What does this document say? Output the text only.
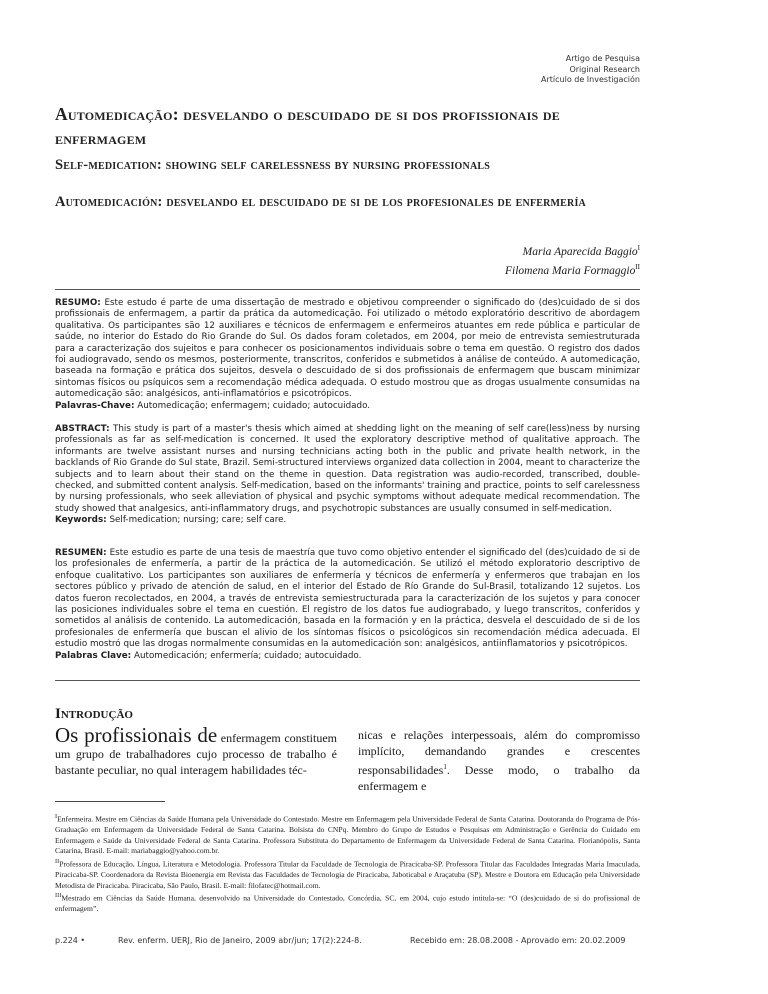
Artigo de Pesquisa
Original Research
Artículo de Investigación
Automedicação: desvelando o descuidado de si dos profissionais de enfermagem
Self-medication: showing self carelessness by nursing professionals
Automedicación: desvelando el descuidado de si de los profesionales de enfermería
Maria Aparecida Baggio$^I$
Filomena Maria Formaggio$^{II}$
RESUMO: Este estudo é parte de uma dissertação de mestrado e objetivou compreender o significado do (des)cuidado de si dos profissionais de enfermagem, a partir da prática da automedicação. Foi utilizado o método exploratório descritivo de abordagem qualitativa. Os participantes são 12 auxiliares e técnicos de enfermagem e enfermeiros atuantes em rede pública e particular de saúde, no interior do Estado do Rio Grande do Sul. Os dados foram coletados, em 2004, por meio de entrevista semiestruturada para a caracterização dos sujeitos e para conhecer os posicionamentos individuais sobre o tema em questão. O registro dos dados foi audiogravado, sendo os mesmos, posteriormente, transcritos, conferidos e submetidos à análise de conteúdo. A automedicação, baseada na formação e prática dos sujeitos, desvela o descuidado de si dos profissionais de enfermagem que buscam minimizar sintomas físicos ou psíquicos sem a recomendação médica adequada. O estudo mostrou que as drogas usualmente consumidas na automedicação são: analgésicos, anti-inflamatórios e psicotrópicos.
Palavras-Chave: Automedicação; enfermagem; cuidado; autocuidado.
ABSTRACT: This study is part of a master's thesis which aimed at shedding light on the meaning of self care(less)ness by nursing professionals as far as self-medication is concerned. It used the exploratory descriptive method of qualitative approach. The informants are twelve assistant nurses and nursing technicians acting both in the public and private health network, in the backlands of Rio Grande do Sul state, Brazil. Semi-structured interviews organized data collection in 2004, meant to characterize the subjects and to learn about their stand on the theme in question. Data registration was audio-recorded, transcribed, double-checked, and submitted content analysis. Self-medication, based on the informants' training and practice, points to self carelessness by nursing professionals, who seek alleviation of physical and psychic symptoms without adequate medical recommendation. The study showed that analgesics, anti-inflammatory drugs, and psychotropic substances are usually consumed in self-medication.
Keywords: Self-medication; nursing; care; self care.
RESUMEN: Este estudio es parte de una tesis de maestría que tuvo como objetivo entender el significado del (des)cuidado de si de los profesionales de enfermería, a partir de la práctica de la automedicación. Se utilizó el método exploratorio descriptivo de enfoque cualitativo. Los participantes son auxiliares de enfermería y técnicos de enfermería y enfermeros que trabajan en los sectores público y privado de atención de salud, en el interior del Estado de Río Grande do Sul-Brasil, totalizando 12 sujetos. Los datos fueron recolectados, en 2004, a través de entrevista semiestructurada para la caracterización de los sujetos y para conocer las posiciones individuales sobre el tema en cuestión. El registro de los datos fue audiograbado, y luego transcritos, conferidos y sometidos al análisis de contenido. La automedicación, basada en la formación y en la práctica, desvela el descuidado de si de los profesionales de enfermería que buscan el alivio de los síntomas físicos o psicológicos sin recomendación médica adecuada. El estudio mostró que las drogas normalmente consumidas en la automedicación son: analgésicos, antiinflamatorios y psicotrópicos.
Palabras Clave: Automedicación; enfermería; cuidado; autocuidado.
Introdução
Os profissionais de enfermagem constituem um grupo de trabalhadores cujo processo de trabalho é bastante peculiar, no qual interagem habilidades téc-
nicas e relações interpessoais, além do compromisso implícito, demandando grandes e crescentes responsabilidades$^1$. Desse modo, o trabalho da enfermagem e
$^I$Enfermeira. Mestre em Ciências da Saúde Humana pela Universidade do Contestado. Mestre em Enfermagem pela Universidade Federal de Santa Catarina. Doutoranda do Programa de Pós-Graduação em Enfermagem da Universidade Federal de Santa Catarina. Bolsista do CNPq. Membro do Grupo de Estudos e Pesquisas em Administração e Gerência do Cuidado em Enfermagem e Saúde da Universidade Federal de Santa Catarina. Professora Substituta do Departamento de Enfermagem da Universidade Federal de Santa Catarina. Florianópolis, Santa Catarina, Brasil. E-mail: mariabaggio@yahoo.com.br.
$^{II}$Professora de Educação, Língua, Literatura e Metodologia. Professora Titular da Faculdade de Tecnologia de Piracicaba-SP. Professora Titular das Faculdades Integradas Maria Imaculada, Piracicaba-SP. Coordenadora da Revista Bioenergia em Revista das Faculdades de Tecnologia de Piracicaba, Jaboticabal e Araçatuba (SP). Mestre e Doutora em Educação pela Universidade Metodista de Piracicaba. Piracicaba, São Paulo, Brasil. E-mail: filofatec@hotmail.com.
$^{III}$Mestrado em Ciências da Saúde Humana, desenvolvido na Universidade do Contestado, Concórdia, SC, em 2004, cujo estudo intitula-se: “O (des)cuidado de si do profissional de enfermagem”.
p.224 •	Rev. enferm. UERJ, Rio de Janeiro, 2009 abr/jun; 17(2):224-8.	Recebido em: 28.08.2008 - Aprovado em: 20.02.2009
